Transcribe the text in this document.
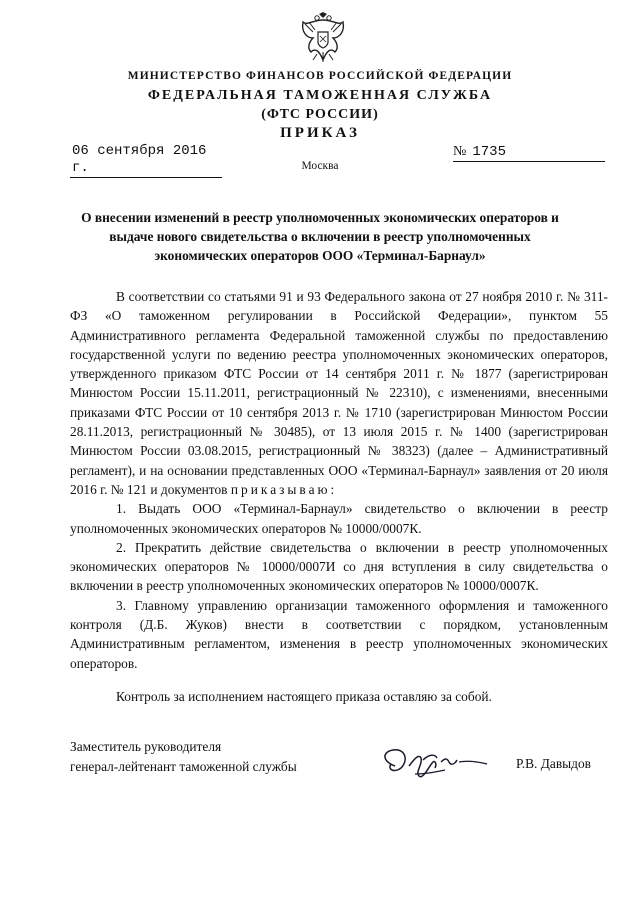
МИНИСТЕРСТВО ФИНАНСОВ РОССИЙСКОЙ ФЕДЕРАЦИИ
ФЕДЕРАЛЬНАЯ ТАМОЖЕННАЯ СЛУЖБА
(ФТС РОССИИ)
ПРИКАЗ
06 сентября 2016 г.
№ 1735
Москва
О внесении изменений в реестр уполномоченных экономических операторов и выдаче нового свидетельства о включении в реестр уполномоченных экономических операторов ООО «Терминал-Барнаул»

В соответствии со статьями 91 и 93 Федерального закона от 27 ноября 2010 г. № 311-ФЗ «О таможенном регулировании в Российской Федерации», пунктом 55 Административного регламента Федеральной таможенной службы по предоставлению государственной услуги по ведению реестра уполномоченных экономических операторов, утвержденного приказом ФТС России от 14 сентября 2011 г. № 1877 (зарегистрирован Минюстом России 15.11.2011, регистрационный № 22310), с изменениями, внесенными приказами ФТС России от 10 сентября 2013 г. № 1710 (зарегистрирован Минюстом России 28.11.2013, регистрационный № 30485), от 13 июля 2015 г. № 1400 (зарегистрирован Минюстом России 03.08.2015, регистрационный № 38323) (далее – Административный регламент), и на основании представленных ООО «Терминал-Барнаул» заявления от 20 июля 2016 г. № 121 и документов приказываю:

1. Выдать ООО «Терминал-Барнаул» свидетельство о включении в реестр уполномоченных экономических операторов № 10000/0007К.

2. Прекратить действие свидетельства о включении в реестр уполномоченных экономических операторов № 10000/0007И со дня вступления в силу свидетельства о включении в реестр уполномоченных экономических операторов № 10000/0007К.

3. Главному управлению организации таможенного оформления и таможенного контроля (Д.Б. Жуков) внести в соответствии с порядком, установленным Административным регламентом, изменения в реестр уполномоченных экономических операторов.

Контроль за исполнением настоящего приказа оставляю за собой.

Заместитель руководителя
генерал-лейтенант таможенной службы	Р.В. Давыдов
